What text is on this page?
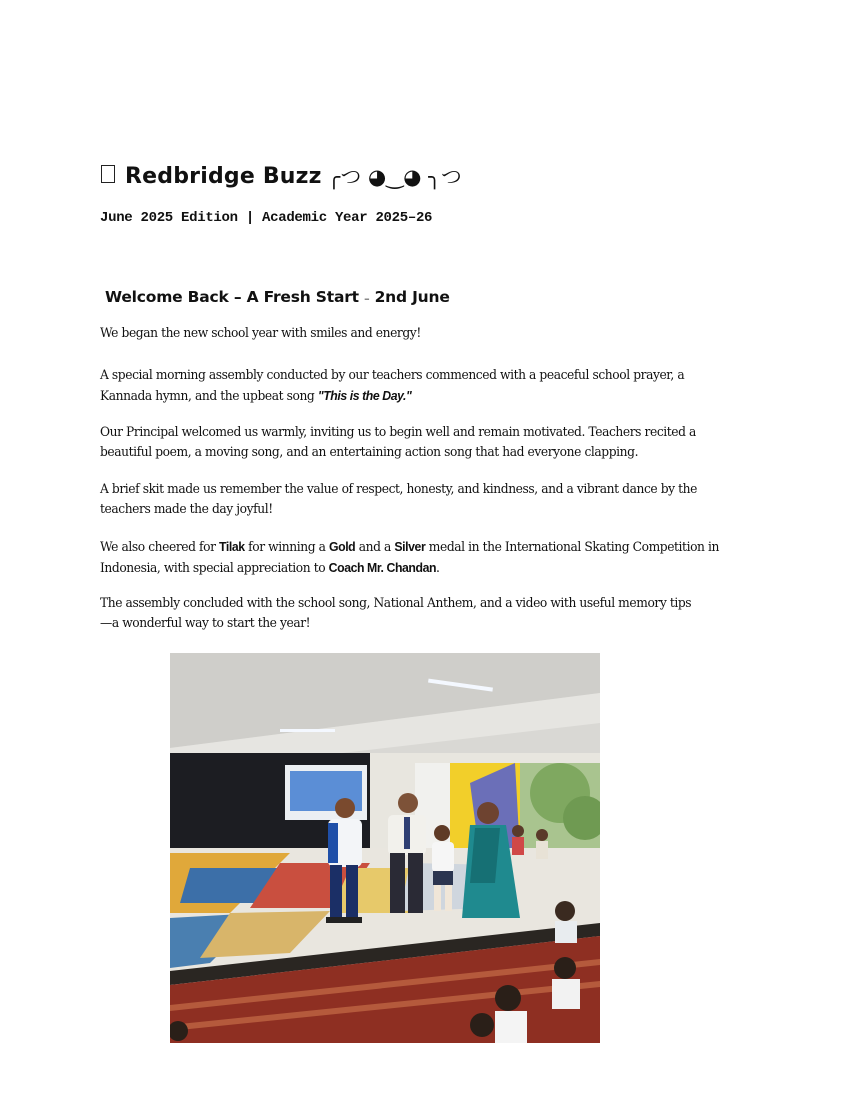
Redbridge Buzz ╭つ ◕‿◕ ╮つ
June 2025 Edition | Academic Year 2025–26
Welcome Back – A Fresh Start – 2nd June
We began the new school year with smiles and energy!
A special morning assembly conducted by our teachers commenced with a peaceful school prayer, a Kannada hymn, and the upbeat song "This is the Day."
Our Principal welcomed us warmly, inviting us to begin well and remain motivated. Teachers recited a beautiful poem, a moving song, and an entertaining action song that had everyone clapping.
A brief skit made us remember the value of respect, honesty, and kindness, and a vibrant dance by the teachers made the day joyful!
We also cheered for Tilak for winning a Gold and a Silver medal in the International Skating Competition in Indonesia, with special appreciation to Coach Mr. Chandan.
The assembly concluded with the school song, National Anthem, and a video with useful memory tips—a wonderful way to start the year!
